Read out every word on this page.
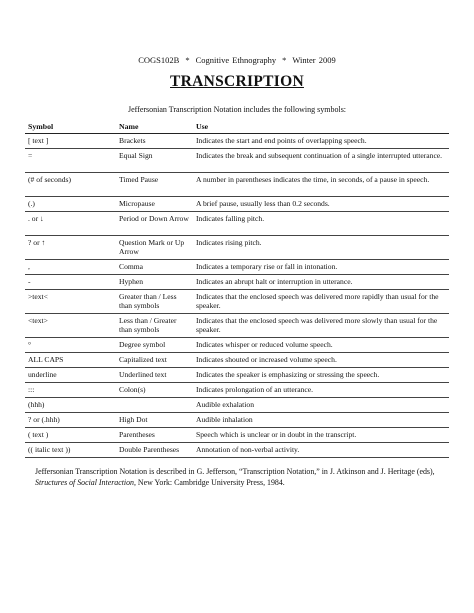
COGS102B * Cognitive Ethnography * Winter 2009
TRANSCRIPTION
Jeffersonian Transcription Notation includes the following symbols:
Symbol	Name	Use
[ text ]	Brackets	Indicates the start and end points of overlapping speech.
=	Equal Sign	Indicates the break and subsequent continuation of a single interrupted utterance.
(# of seconds)	Timed Pause	A number in parentheses indicates the time, in seconds, of a pause in speech.
(.)	Micropause	A brief pause, usually less than 0.2 seconds.
. or ↓	Period or Down Arrow	Indicates falling pitch.
? or ↑	Question Mark or Up Arrow	Indicates rising pitch.
,	Comma	Indicates a temporary rise or fall in intonation.
-	Hyphen	Indicates an abrupt halt or interruption in utterance.
>text<	Greater than / Less than symbols	Indicates that the enclosed speech was delivered more rapidly than usual for the speaker.
<text>	Less than / Greater than symbols	Indicates that the enclosed speech was delivered more slowly than usual for the speaker.
°	Degree symbol	Indicates whisper or reduced volume speech.
ALL CAPS	Capitalized text	Indicates shouted or increased volume speech.
underline	Underlined text	Indicates the speaker is emphasizing or stressing the speech.
:::	Colon(s)	Indicates prolongation of an utterance.
(hhh)		Audible exhalation
? or (.hhh)	High Dot	Audible inhalation
( text )	Parentheses	Speech which is unclear or in doubt in the transcript.
(( italic text ))	Double Parentheses	Annotation of non-verbal activity.
Jeffersonian Transcription Notation is described in G. Jefferson, “Transcription Notation,” in J. Atkinson and J. Heritage (eds), Structures of Social Interaction, New York: Cambridge University Press, 1984.
